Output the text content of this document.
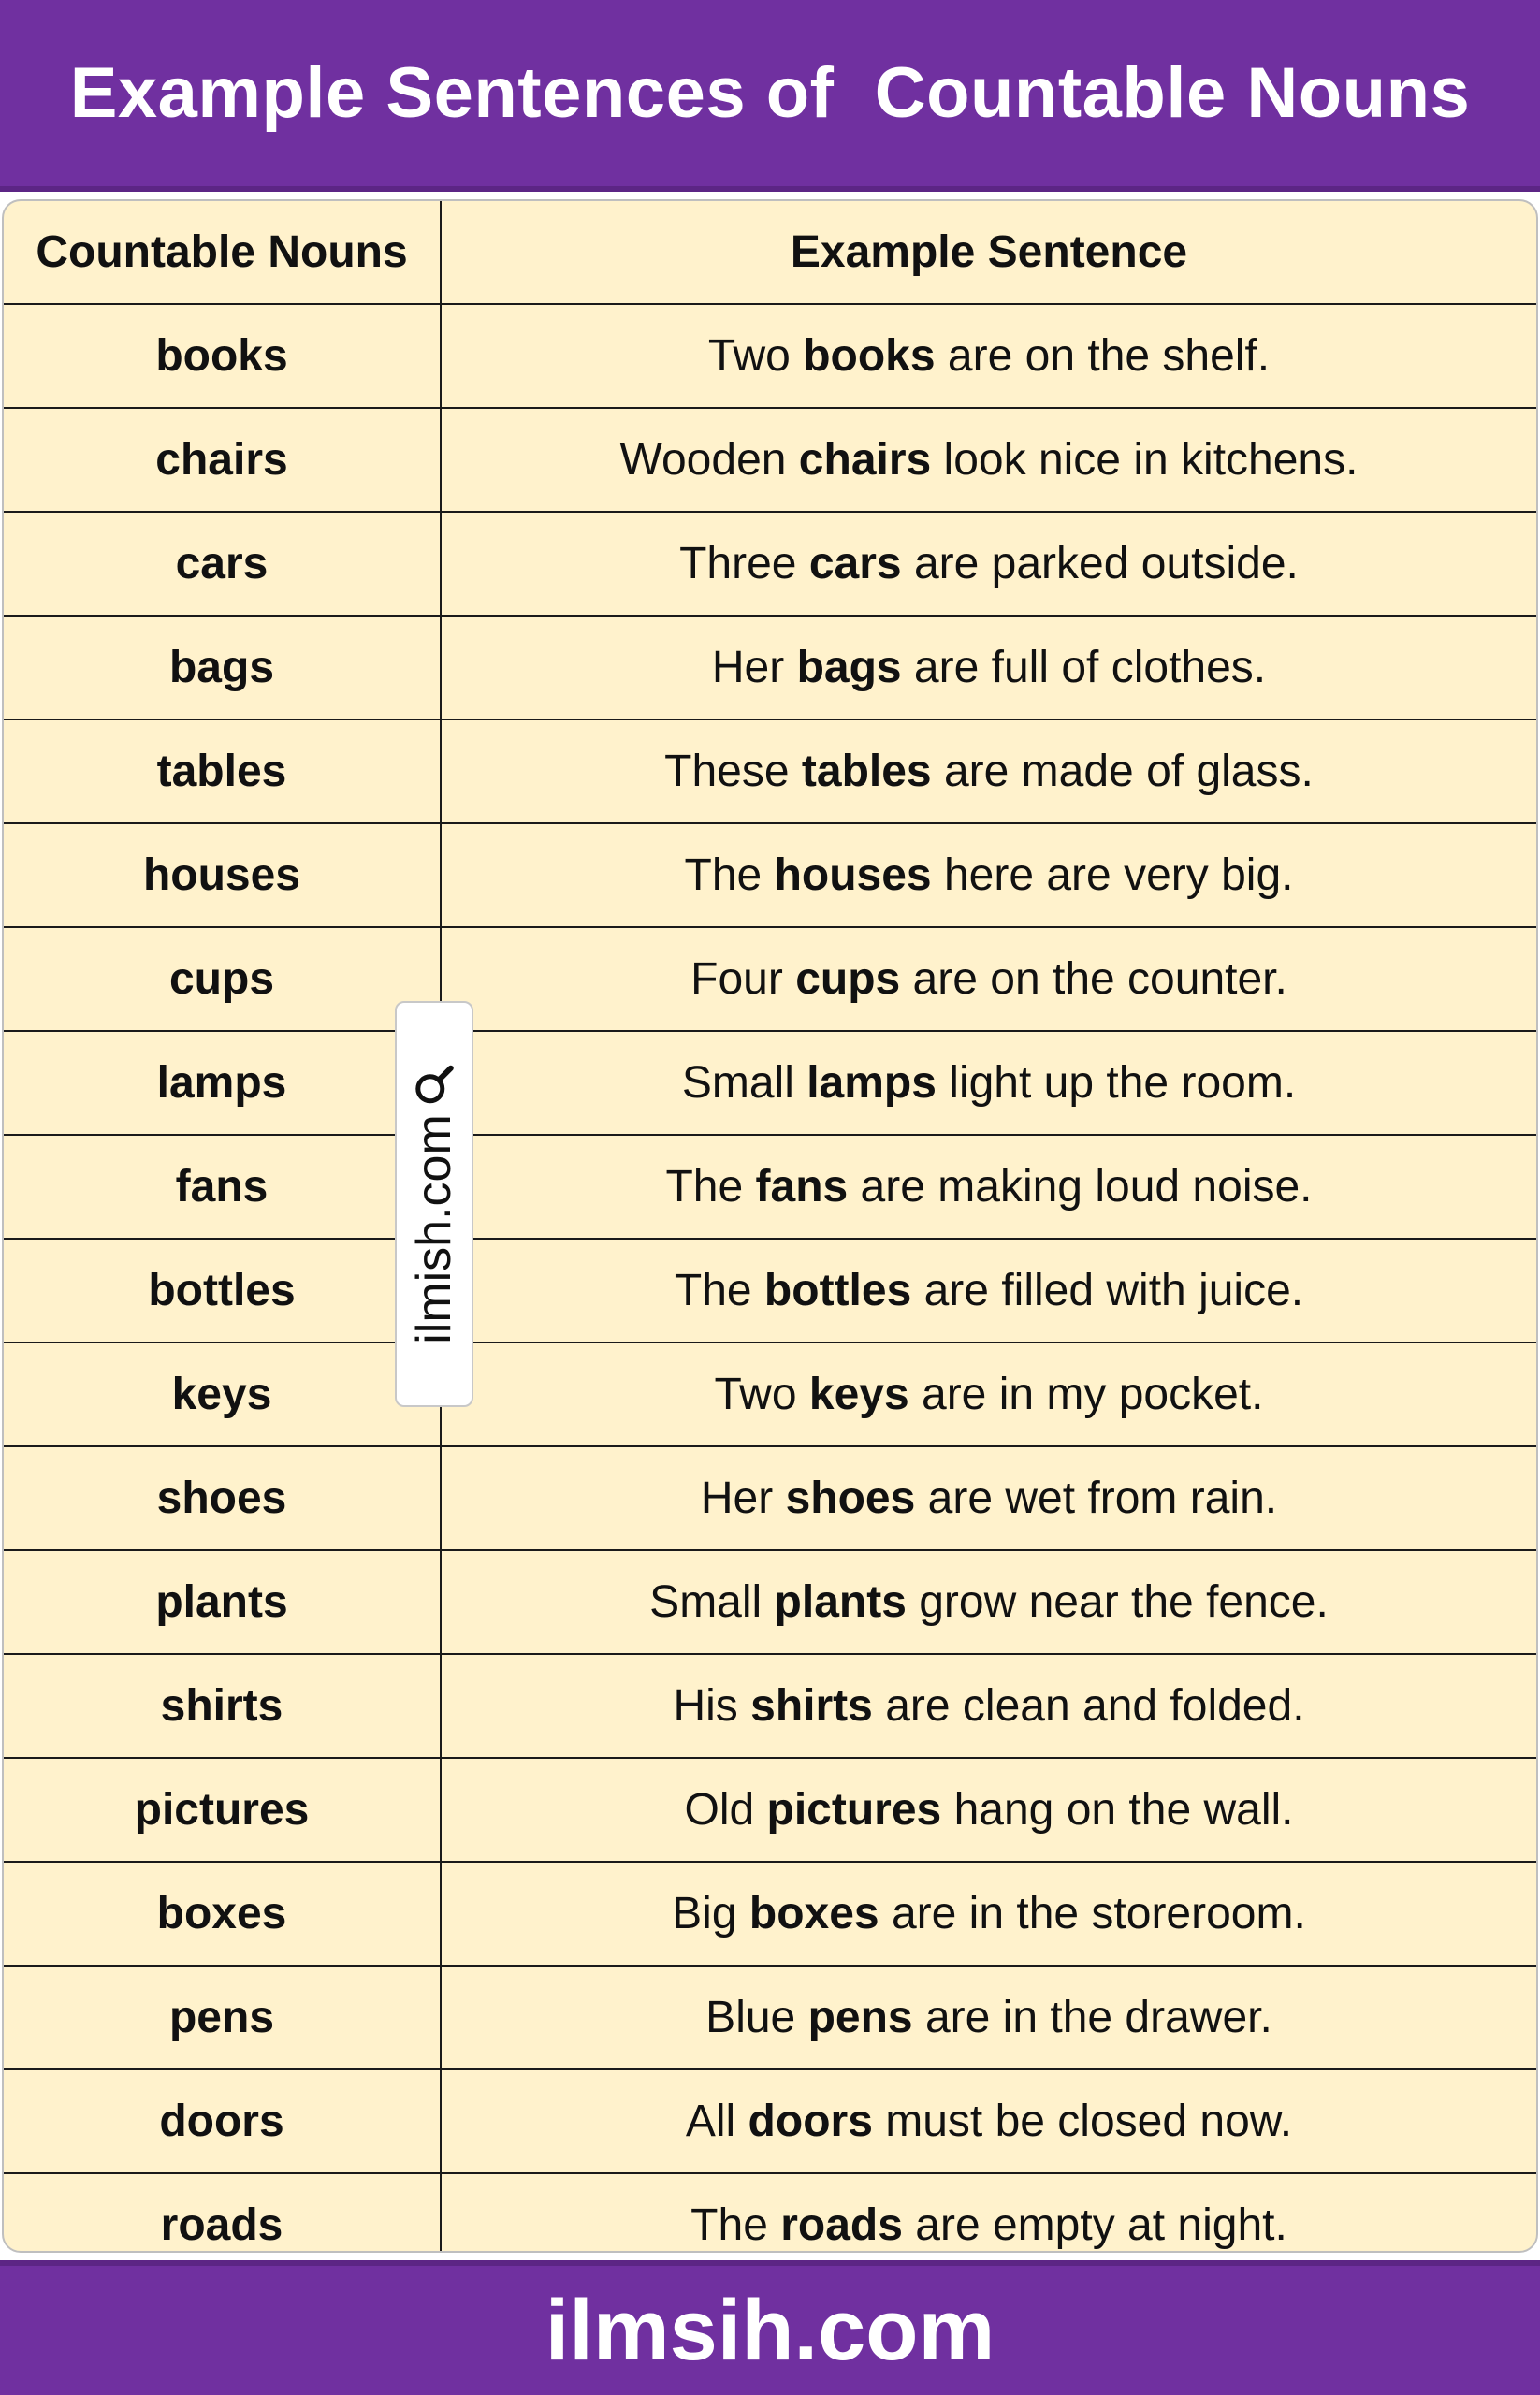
Example Sentences of  Countable Nouns
Countable Nouns	Example Sentence
books	Two books are on the shelf.
chairs	Wooden chairs look nice in kitchens.
cars	Three cars are parked outside.
bags	Her bags are full of clothes.
tables	These tables are made of glass.
houses	The houses here are very big.
cups	Four cups are on the counter.
lamps	Small lamps light up the room.
fans	The fans are making loud noise.
bottles	The bottles are filled with juice.
keys	Two keys are in my pocket.
shoes	Her shoes are wet from rain.
plants	Small plants grow near the fence.
shirts	His shirts are clean and folded.
pictures	Old pictures hang on the wall.
boxes	Big boxes are in the storeroom.
pens	Blue pens are in the drawer.
doors	All doors must be closed now.
roads	The roads are empty at night.
ilmish.com
ilmsih.com
